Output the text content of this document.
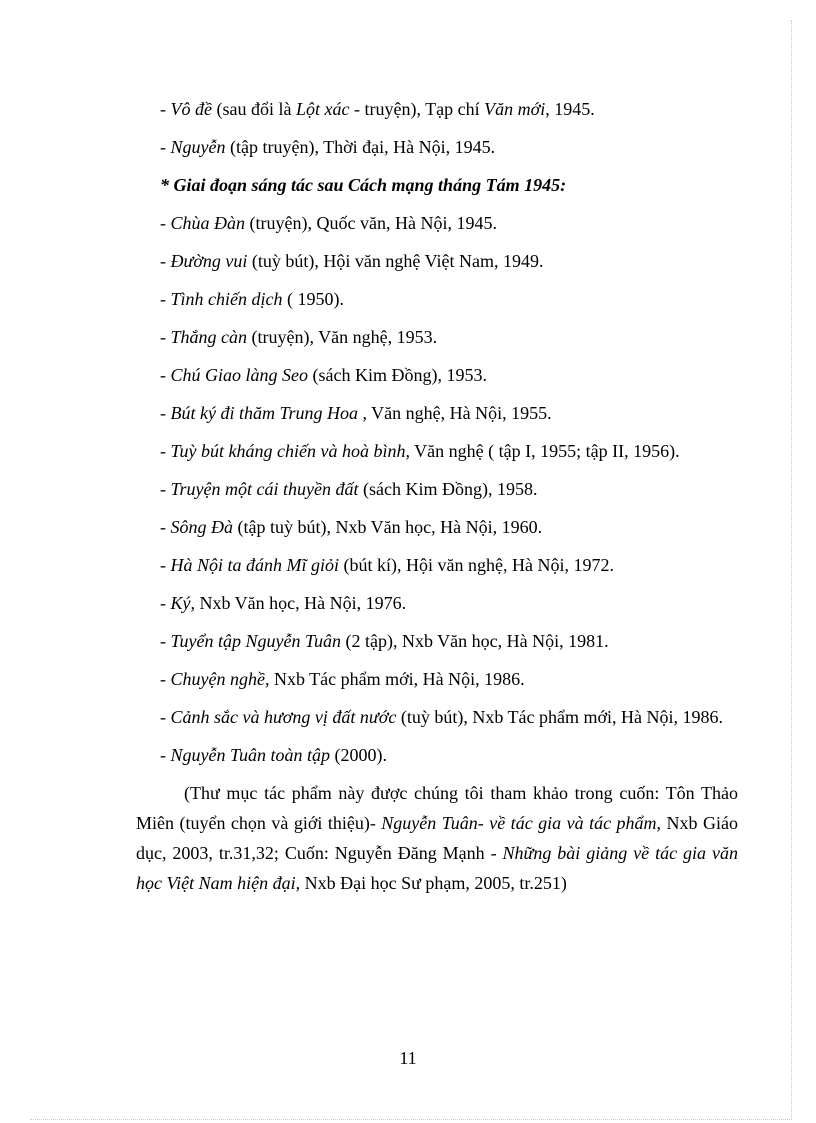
- Vô đề (sau đổi là Lột xác - truyện), Tạp chí Văn mới, 1945.

- Nguyễn (tập truyện), Thời đại, Hà Nội, 1945.

* Giai đoạn sáng tác sau Cách mạng tháng Tám 1945:

- Chùa Đàn (truyện), Quốc văn, Hà Nội, 1945.

- Đường vui (tuỳ bút), Hội văn nghệ Việt Nam, 1949.

- Tình chiến dịch ( 1950).

- Thắng càn (truyện), Văn nghệ, 1953.

- Chú Giao làng Seo (sách Kim Đồng), 1953.

- Bút ký đi thăm Trung Hoa , Văn nghệ, Hà Nội, 1955.

- Tuỳ bút kháng chiến và hoà bình, Văn nghệ ( tập I, 1955; tập II, 1956).

- Truyện một cái thuyền đất (sách Kim Đồng), 1958.

- Sông Đà (tập tuỳ bút), Nxb Văn học, Hà Nội, 1960.

- Hà Nội ta đánh Mĩ giỏi (bút kí), Hội văn nghệ, Hà Nội, 1972.

- Ký, Nxb Văn học, Hà Nội, 1976.

- Tuyển tập Nguyễn Tuân (2 tập), Nxb Văn học, Hà Nội, 1981.

- Chuyện nghề, Nxb Tác phẩm mới, Hà Nội, 1986.

- Cảnh sắc và hương vị đất nước (tuỳ bút), Nxb Tác phẩm mới, Hà Nội, 1986.

- Nguyễn Tuân toàn tập (2000).

(Thư mục tác phẩm này được chúng tôi tham khảo trong cuốn: Tôn Thảo Miên (tuyển chọn và giới thiệu)- Nguyễn Tuân- về tác gia và tác phẩm, Nxb Giáo dục, 2003, tr.31,32; Cuốn: Nguyễn Đăng Mạnh - Những bài giảng về tác gia văn học Việt Nam hiện đại, Nxb Đại học Sư phạm, 2005, tr.251)

11
